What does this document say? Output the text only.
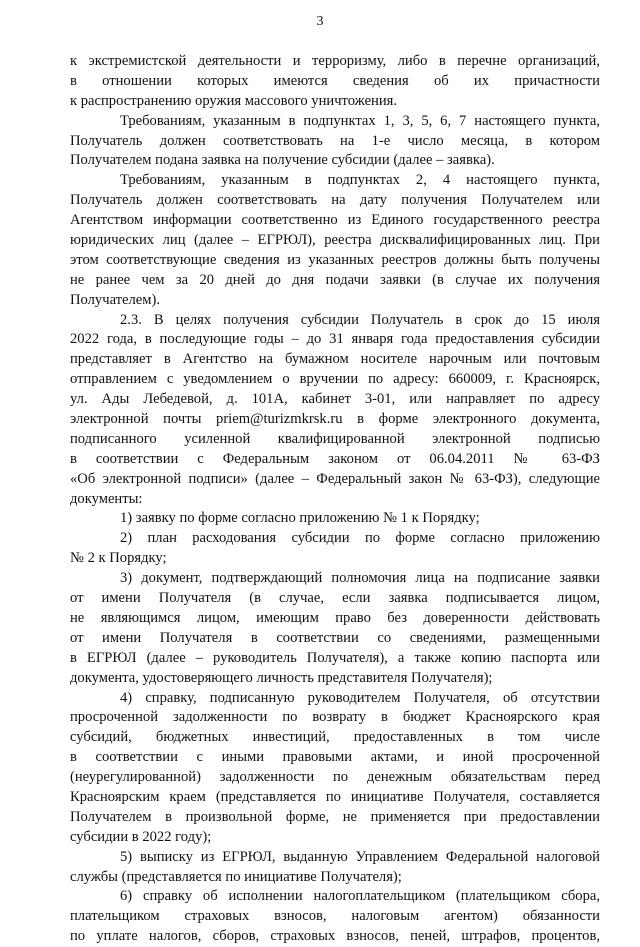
3
к экстремистской деятельности и терроризму, либо в перечне организаций,
в отношении которых имеются сведения об их причастности
к распространению оружия массового уничтожения.
Требованиям, указанным в подпунктах 1, 3, 5, 6, 7 настоящего пункта,
Получатель должен соответствовать на 1-е число месяца, в котором
Получателем подана заявка на получение субсидии (далее – заявка).
Требованиям, указанным в подпунктах 2, 4 настоящего пункта,
Получатель должен соответствовать на дату получения Получателем или
Агентством информации соответственно из Единого государственного реестра
юридических лиц (далее – ЕГРЮЛ), реестра дисквалифицированных лиц. При
этом соответствующие сведения из указанных реестров должны быть получены
не ранее чем за 20 дней до дня подачи заявки (в случае их получения
Получателем).
2.3. В целях получения субсидии Получатель в срок до 15 июля
2022 года, в последующие годы – до 31 января года предоставления субсидии
представляет в Агентство на бумажном носителе нарочным или почтовым
отправлением с уведомлением о вручении по адресу: 660009, г. Красноярск,
ул. Ады Лебедевой, д. 101А, кабинет 3-01, или направляет по адресу
электронной почты priem@turizmkrsk.ru в форме электронного документа,
подписанного усиленной квалифицированной электронной подписью
в соответствии с Федеральным законом от 06.04.2011 № 63-ФЗ
«Об электронной подписи» (далее – Федеральный закон № 63-ФЗ), следующие
документы:
1) заявку по форме согласно приложению № 1 к Порядку;
2) план расходования субсидии по форме согласно приложению
№ 2 к Порядку;
3) документ, подтверждающий полномочия лица на подписание заявки
от имени Получателя (в случае, если заявка подписывается лицом,
не являющимся лицом, имеющим право без доверенности действовать
от имени Получателя в соответствии со сведениями, размещенными
в ЕГРЮЛ (далее – руководитель Получателя), а также копию паспорта или
документа, удостоверяющего личность представителя Получателя);
4) справку, подписанную руководителем Получателя, об отсутствии
просроченной задолженности по возврату в бюджет Красноярского края
субсидий, бюджетных инвестиций, предоставленных в том числе
в соответствии с иными правовыми актами, и иной просроченной
(неурегулированной) задолженности по денежным обязательствам перед
Красноярским краем (представляется по инициативе Получателя, составляется
Получателем в произвольной форме, не применяется при предоставлении
субсидии в 2022 году);
5) выписку из ЕГРЮЛ, выданную Управлением Федеральной налоговой
службы (представляется по инициативе Получателя);
6) справку об исполнении налогоплательщиком (плательщиком сбора,
плательщиком страховых взносов, налоговым агентом) обязанности
по уплате налогов, сборов, страховых взносов, пеней, штрафов, процентов,
